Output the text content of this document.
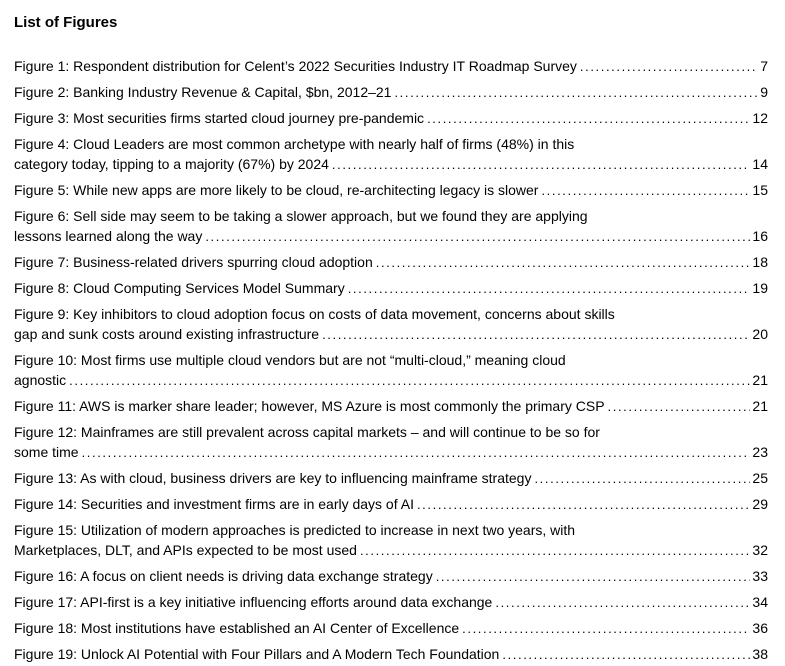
List of Figures
Figure 1: Respondent distribution for Celent’s 2022 Securities Industry IT Roadmap Survey .....	7
Figure 2: Banking Industry Revenue & Capital, $bn, 2012–21 .....	9
Figure 3: Most securities firms started cloud journey pre-pandemic .....	12
Figure 4: Cloud Leaders are most common archetype with nearly half of firms (48%) in this
category today, tipping to a majority (67%) by 2024 .....	14
Figure 5: While new apps are more likely to be cloud, re-architecting legacy is slower .....	15
Figure 6: Sell side may seem to be taking a slower approach, but we found they are applying
lessons learned along the way .....	16
Figure 7: Business-related drivers spurring cloud adoption .....	18
Figure 8: Cloud Computing Services Model Summary .....	19
Figure 9: Key inhibitors to cloud adoption focus on costs of data movement, concerns about skills
gap and sunk costs around existing infrastructure .....	20
Figure 10: Most firms use multiple cloud vendors but are not “multi-cloud,” meaning cloud
agnostic .....	21
Figure 11: AWS is marker share leader; however, MS Azure is most commonly the primary CSP .....	21
Figure 12: Mainframes are still prevalent across capital markets – and will continue to be so for
some time .....	23
Figure 13: As with cloud, business drivers are key to influencing mainframe strategy .....	25
Figure 14: Securities and investment firms are in early days of AI .....	29
Figure 15: Utilization of modern approaches is predicted to increase in next two years, with
Marketplaces, DLT, and APIs expected to be most used .....	32
Figure 16: A focus on client needs is driving data exchange strategy .....	33
Figure 17: API-first is a key initiative influencing efforts around data exchange .....	34
Figure 18: Most institutions have established an AI Center of Excellence .....	36
Figure 19: Unlock AI Potential with Four Pillars and A Modern Tech Foundation .....	38
